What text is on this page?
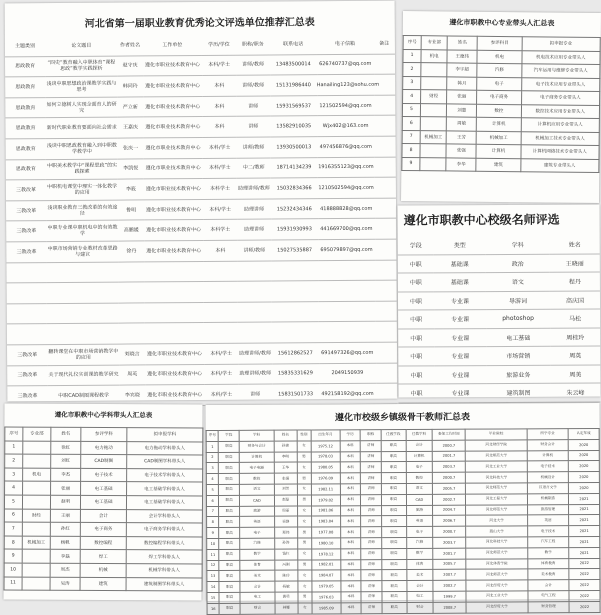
河北省第一届职业教育优秀论文评选单位推荐汇总表
主题类别	论文题目	作者姓名	工作单位	学历/学位	职称/职务	联系电话	电子信箱	备注
思政教育	“四史”教育融入中职体育“课程思政”教学实践探析	赵守庆	遵化市职业技术教育中心	本科/学士	讲师/教师	13483500014	626740737@qq.com	
思政教育	浅谈中职思想政治课教学实践与思考	韩同玲	遵化市职业技术教育中心	本科	讲师/教师	15131986440	Hanailing123@sohu.com	
思政教育	如何立德树人实现全面育人的研究	严立新	遵化市职业技术教育中心	本科	讲师	15931569537	121502594@qq.com	
思政教育	新时代职业教育要面向社会需求	王嘉庆	遵化市职业技术教育中心	本科	讲师	13582910035	Wjx402@163.com	
思政教育	浅谈中职思政教育融入到中职数学教学中	张庆一	遵化市职业技术教育中心	本科/学士	讲师/教师	13930500013	497456876@qq.com	
思政教育	中职美术教学中“课程思政”的实践探索	李凯悦	遵化市职业技术教育中心	本科/学士	中二/教师	18714134239	1916355123@qq.com	
三教改革	中职机电课堂中理实一体化教学的应用	李筱	遵化市职业技术教育中心	本科学士	助理讲师/教师	15032834366	1210502594@qq.com	
三教改革	浅谈职业教育三教改革的有效途径	鲁明	遵化市职业技术教育中心	本科/学士	助理讲师	15232434346	418888828@qq.com	
三教改革	中职专业课中职机电中的有效教学	高鹏媛	遵化市职业技术教育中心	本科学士	助理讲师	15931930993	441669700@qq.com	
三教改革	中职市场营销专业教材改革思路与建议	徐丹	遵化市职业技术教育中心	本科	讲师/教师	15027535887	695079897@qq.com	

三教改革	翻转课堂在中职市场营销教学中的应用	刘晓言	遵化市职业技术教育中心	本科/学士	助理讲师/教师	15612862527	691497326@qq.com	
三教改革	关于现代礼仪实训课的教学研究	周英	遵化市职业技术教育中心	本科/学士	助理讲师/教师	15835331629	2049150939	
三教改革	中职CAD制图课程教学	李宾晓	遵化市职业技术教育中心	本科/学士	讲师	15831501733	492158192@qq.com	
遵化市职教中心专业带头人汇总表
序号	专业部	姓名	参评科目	拟申报专业
1	机电	王德伟	机电	机电技术应用专业带头人
2		李宇超	汽修	汽车运用与维修专业带头人
3		韩月	电子	电子技术应用专业带头人
4	财经	张丽	电子商务	电子商务专业带头人
5		刘慧	数控	数控技术应用专业带头人
6		周敏	计算机	计算机应用专业带头人
7	机械加工	王芳	机械加工	机械加工技术专业带头人
8		张强	计算机	计算机网络技术专业带头人
9		李华	建筑	建筑专业带头人
遵化市职教中心校级名师评选
学段	类型	学科	姓名
中职	基础课	政治	王晓丽
中职	基础课	语文	程丹
中职	专业课	导游词	高庆国
中职	专业课	photoshop	马松
中职	专业课	电工基础	周桂玲
中职	专业课	市场营销	周英
中职	专业课	旅游业务	周美
中职	专业课	建筑制图	朱云峰
遵化市职教中心学科带头人汇总表
序号	专业部	姓名	参评学科	拟申报学科
1		徐红	电力拖动	电力拖动学科带头人
2		刘红	CAD制图	CAD制图学科带头人
3	机电	李杰	电子技术	电子技术学科带头人
4		张丽	电工基础	电工基础学科带头人
5		赵明	电工基础	电工基础学科带头人
6	财经	王丽	会计	会计学科带头人
7		孙红	电子商务	电子商务学科带头人
8	机械加工	杨帆	数控编程	数控编程学科带头人
9		李磊	焊工	焊工学科带头人
10		周杰	机械	机械学科带头人
11		吴涛	建筑	建筑制图学科带头人
遵化市校级乡镇级骨干教师汇总表
序号	学段	学科	姓名	性别	出生年月	学历	职称	任教学段	任教学科	参加工作时间	毕业院校	所学专业	认定年度
1	职高	财务与会计	孙建	女	1975.12	本科	讲师	职高	会计	2000.7	河北财经学院	财务会计	2020
2	职高	计算机	李明	男	1978.03	本科	讲师	职高	计算机	2001.7	河北师范大学	计算机	2020
3	职高	电子电器	王华	女	1980.05	本科	讲师	职高	电子	2003.7	河北工业大学	电子技术	2020
4	职高	数控	张强	男	1976.09	本科	讲师	职高	数控	2000.7	河北科技大学	机械设计	2020
5	职高	语文	刘芳	女	1982.11	本科	讲师	职高	语文	2005.7	河北师范大学	汉语言文学	2020
6	职高	CAD	赵磊	男	1979.02	本科	讲师	职高	CAD	2002.7	河北工程大学	机械制造	2021
7	职高	旅游	周丽	女	1981.06	本科	讲师	职高	旅游	2004.7	河北师范大学	旅游管理	2021
8	职高	英语	吴静	女	1983.04	本科	讲师	职高	英语	2006.7	河北大学	英语	2021
9	职高	电子	郑伟	男	1977.08	本科	讲师	职高	电子	2000.7	燕山大学	电子技术	2021
10	职高	汽修	孙涛	男	1980.10	本科	讲师	职高	汽修	2003.7	河北科技大学	汽车工程	2021
11	职高	数学	钱红	女	1978.12	本科	讲师	职高	数学	2001.7	河北师范大学	数学	2021
12	职高	体育	冯刚	男	1982.01	本科	讲师	职高	体育	2005.7	河北体育学院	体育教育	2022
13	职高	美术	陈玲	女	1984.07	本科	讲师	职高	美术	2007.7	河北师范大学	美术教育	2022
14	职高	会计	杨敏	女	1979.05	本科	讲师	职高	会计	2002.7	河北经贸大学	会计	2022
15	职高	电工	黄勇	男	1976.03	本科	讲师	职高	电工	1999.7	河北工业大学	电气工程	2022
16	职高	财会	林娜	女	1985.09	本科	讲师	职高	财会	2008.7	河北经贸大学	财务管理	2022
